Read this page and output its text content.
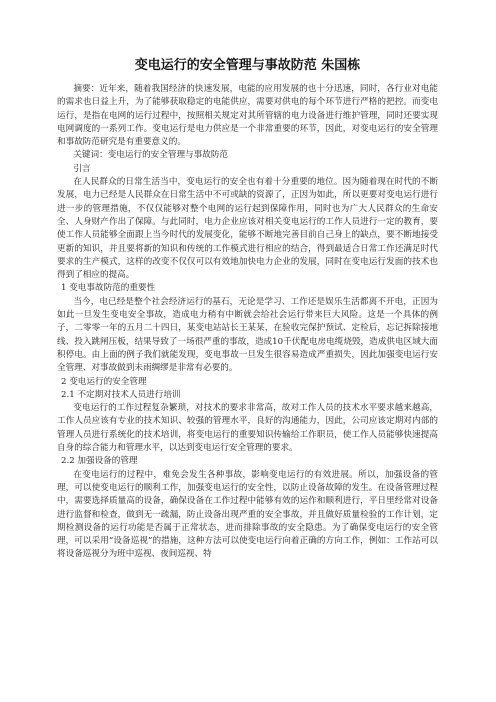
变电运行的安全管理与事故防范 朱国栋

摘要：近年来，随着我国经济的快速发展，电能的应用发展的也十分迅速，同时，各行业对电能的需求也日益上升，为了能够获取稳定的电能供应，需要对供电的每个环节进行严格的把控。而变电运行，是指在电网的运行过程中，按照相关规定对其所管辖的电力设备进行维护管理，同时还要实现电网调度的一系列工作。变电运行是电力供应是一个非常重要的环节，因此，对变电运行的安全管理和事故防范研究是有重要意义的。

关键词：变电运行的安全管理与事故防范

引言

在人民群众的日常生活当中，变电运行的安全也有着十分重要的地位。因为随着现在时代的不断发展，电力已经是人民群众在日常生活中不可或缺的资源了，正因为如此，所以更要对变电运行进行进一步的管理措施，不仅仅能够对整个电网的运行起到保障作用，同时也为广大人民群众的生命安全、人身财产作出了保障。与此同时，电力企业应该对相关变电运行的工作人员进行一定的教育，要使工作人员能够全面跟上当今时代的发展变化，能够不断地完善目前自己身上的缺点，要不断地接受更新的知识，并且要将新的知识和传统的工作模式进行相应的结合，得到最适合日常工作还满足时代要求的生产模式，这样的改变不仅仅可以有效地加快电力企业的发展，同时在变电运行发面的技术也得到了相应的提高。

1 变电事故防范的重要性

当今，电已经是整个社会经济运行的基石，无论是学习、工作还是娱乐生活都离不开电，正因为如此一旦发生变电安全事故，造成电力稍有中断就会给社会运行带来巨大风险。这是一个具体的例子，二零零一年的五月二十四日，某变电站站长王某某，在验收完保护预试、定检后，忘记拆除接地线、投入跳闸压板，结果导致了一场很严重的事故，造成10千伏配电房电缆烧毁，造成供电区域大面积停电。由上面的例子我们就能发现，变电事故一旦发生很容易造成严重损失，因此加强变电运行安全管理、对事故做到未雨绸缪是非常有必要的。

2 变电运行的安全管理

2.1 不定期对技术人员进行培训

变电运行的工作过程复杂繁琐，对技术的要求非常高，故对工作人员的技术水平要求越来越高，工作人员应该有专业的技术知识、较强的管理水平，良好的沟通能力，因此，公司应该定期对内部的管理人员进行系统化的技术培训，将变电运行的重要知识传输给工作职员，使工作人员能够快速提高自身的综合能力和管理水平，以达到变电运行安全管理的要求。

2.2 加强设备的管理

在变电运行的过程中，难免会发生各种事故，影响变电运行的有效进展。所以，加强设备的管理，可以使变电运行的顺利工作，加强变电运行的安全性，以防止设备故障的发生。在设备管理过程中，需要选择质量高的设备，确保设备在工作过程中能够有效的运作和顺利进行，平日里经常对设备进行监督和检查，做到无一疏漏，防止设备出现严重的安全事故，并且做好质量检验的工作计划，定期检测设备的运行功能是否属于正常状态，进而排除事故的安全隐患。为了确保变电运行的安全管理，可以采用“设备巡视”的措施，这种方法可以使变电运行向着正确的方向工作，例如：工作站可以将设备巡视分为班中巡视、夜间巡视、特
